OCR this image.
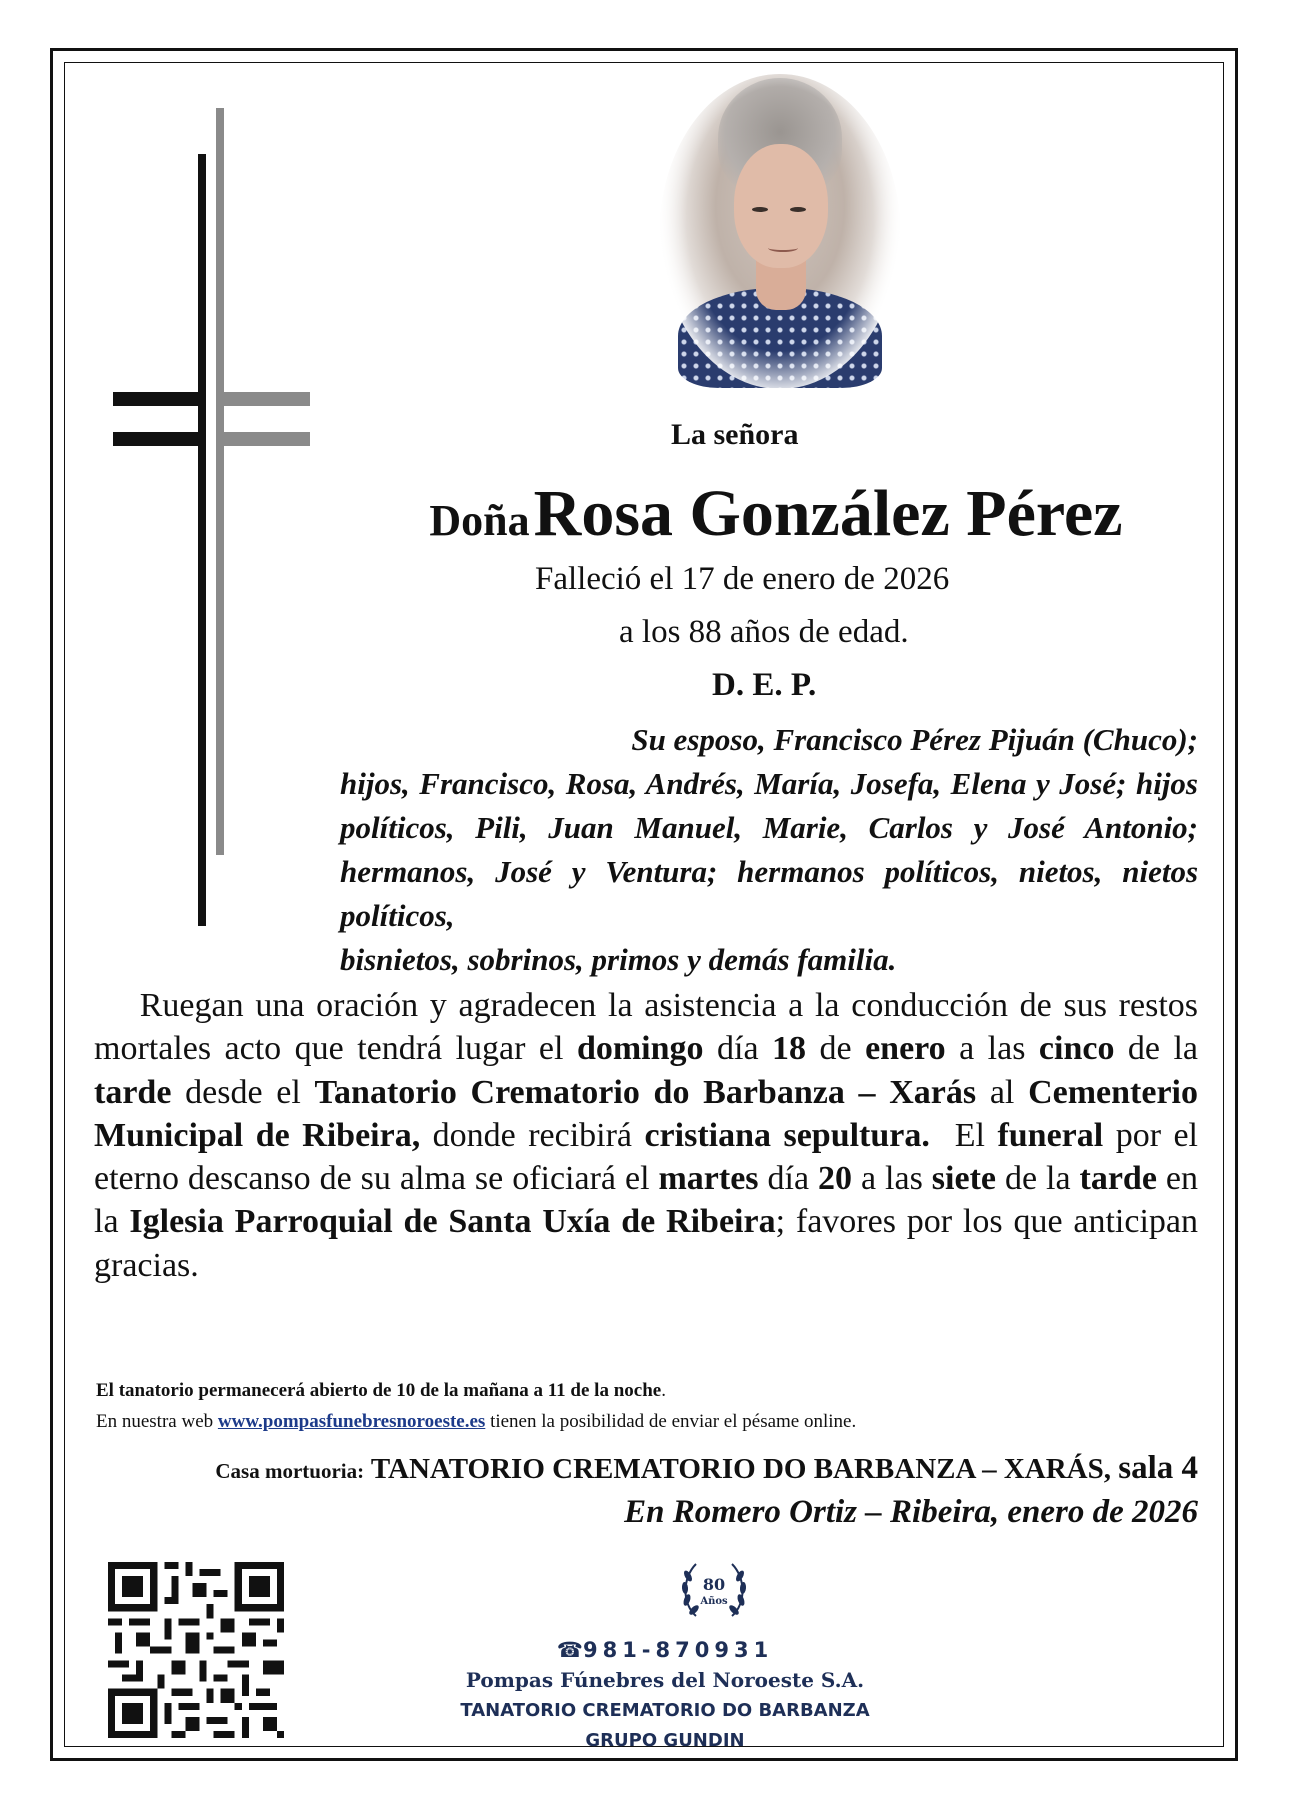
La señora
Doña Rosa González Pérez
Falleció el 17 de enero de 2026
a los 88 años de edad.
D. E. P.
Su esposo, Francisco Pérez Pijuán (Chuco);
hijos, Francisco, Rosa, Andrés, María, Josefa, Elena y José; hijos políticos, Pili, Juan Manuel, Marie, Carlos y José Antonio; hermanos, José y Ventura; hermanos políticos, nietos, nietos políticos,
bisnietos, sobrinos, primos y demás familia.

  Ruegan una oración y agradecen la asistencia a la conducción de sus restos mortales acto que tendrá lugar el domingo día 18 de enero a las cinco de la tarde desde el Tanatorio Crematorio do Barbanza – Xarás al Cementerio Municipal de Ribeira, donde recibirá cristiana sepultura.  El funeral por el eterno descanso de su alma se oficiará el martes día 20 a las siete de la tarde en la Iglesia Parroquial de Santa Uxía de Ribeira; favores por los que anticipan gracias.

El tanatorio permanecerá abierto de 10 de la mañana a 11 de la noche.
En nuestra web www.pompasfunebresnoroeste.es tienen la posibilidad de enviar el pésame online.
Casa mortuoria: TANATORIO CREMATORIO DO BARBANZA – XARÁS, sala 4
En Romero Ortiz – Ribeira, enero de 2026
80
Años
☎981-870931
Pompas Fúnebres del Noroeste S.A.
TANATORIO CREMATORIO DO BARBANZA
GRUPO GUNDIN
